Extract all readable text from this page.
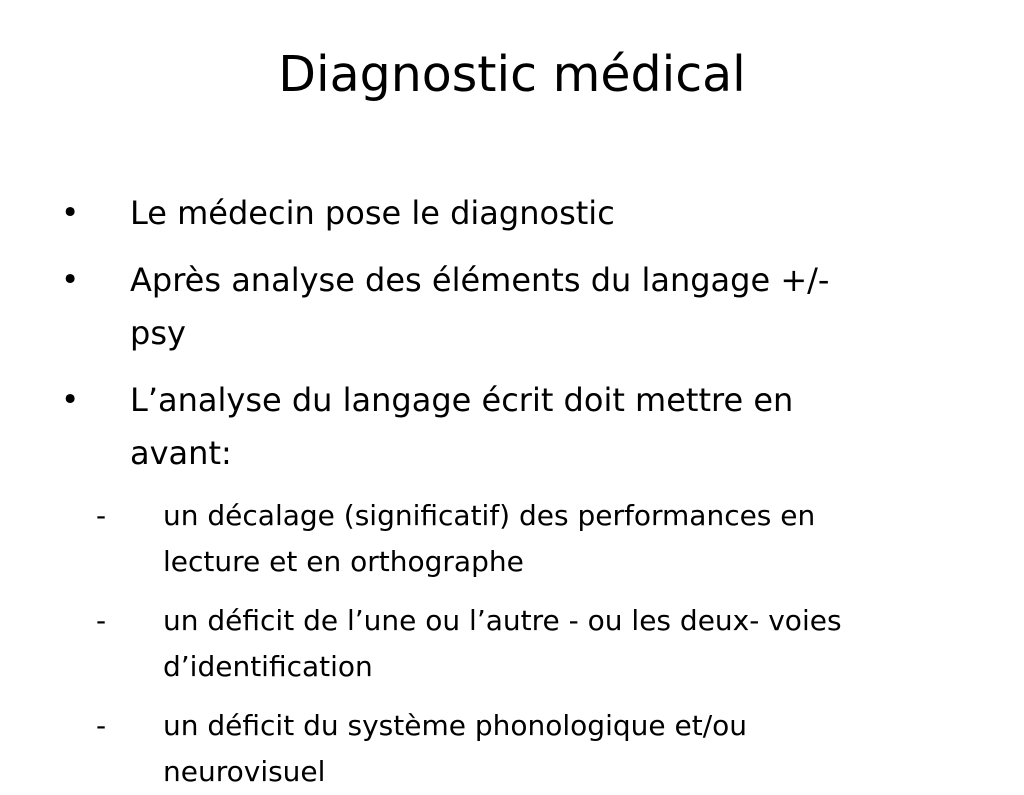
Diagnostic médical
• Le médecin pose le diagnostic
• Après analyse des éléments du langage +/-
psy
• L’analyse du langage écrit doit mettre en
avant:
- un décalage (significatif) des performances en
lecture et en orthographe
- un déficit de l’une ou l’autre - ou les deux- voies
d’identification
- un déficit du système phonologique et/ou
neurovisuel
